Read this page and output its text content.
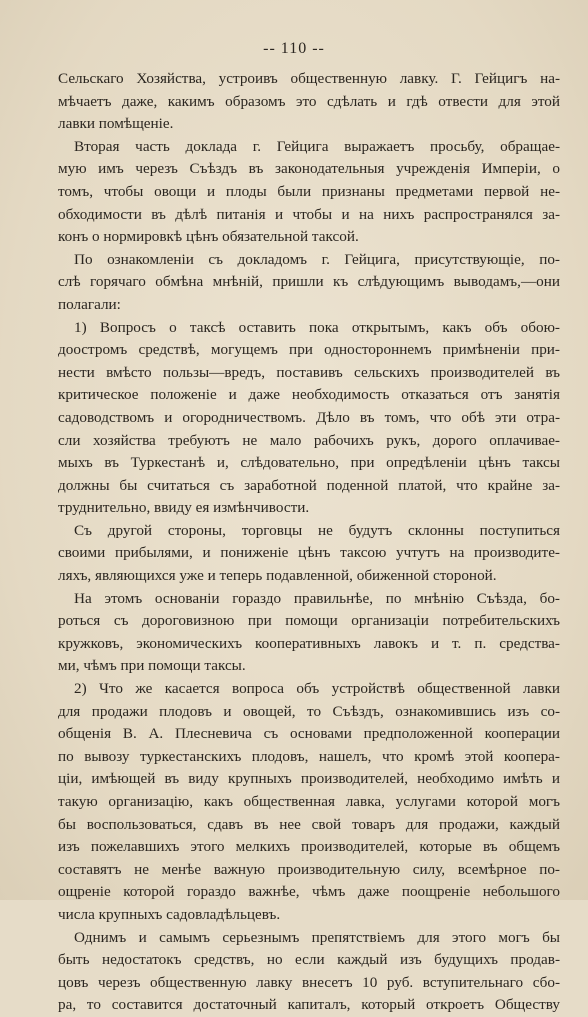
-- 110 --
Сельскаго Хозяйства, устроивъ общественную лавку. Г. Гейцигъ на-
мѣчаетъ даже, какимъ образомъ это сдѣлать и гдѣ отвести для этой
лавки помѣщеніе.
Вторая часть доклада г. Гейцига выражаетъ просьбу, обращае-
мую имъ черезъ Съѣздъ въ законодательныя учрежденія Имперіи, о
томъ, чтобы овощи и плоды были признаны предметами первой не-
обходимости въ дѣлѣ питанія и чтобы и на нихъ распространялся за-
конъ о нормировкѣ цѣнъ обязательной таксой.
По ознакомленіи съ докладомъ г. Гейцига, присутствующіе, по-
слѣ горячаго обмѣна мнѣній, пришли къ слѣдующимъ выводамъ,—они
полагали:
1) Вопросъ о таксѣ оставить пока открытымъ, какъ объ обою-
доостромъ средствѣ, могущемъ при одностороннемъ примѣненіи при-
нести вмѣсто пользы—вредъ, поставивъ сельскихъ производителей въ
критическое положеніе и даже необходимость отказаться отъ занятія
садоводствомъ и огородничествомъ. Дѣло въ томъ, что обѣ эти отра-
сли хозяйства требуютъ не мало рабочихъ рукъ, дорого оплачивае-
мыхъ въ Туркестанѣ и, слѣдовательно, при опредѣленіи цѣнъ таксы
должны бы считаться съ заработной поденной платой, что крайне за-
труднительно, ввиду ея измѣнчивости.
Съ другой стороны, торговцы не будутъ склонны поступиться
своими прибылями, и пониженіе цѣнъ таксою учтутъ на производите-
ляхъ, являющихся уже и теперь подавленной, обиженной стороной.
На этомъ основаніи гораздо правильнѣе, по мнѣнію Съѣзда, бо-
роться съ дороговизною при помощи организаціи потребительскихъ
кружковъ, экономическихъ кооперативныхъ лавокъ и т. п. средства-
ми, чѣмъ при помощи таксы.
2) Что же касается вопроса объ устройствѣ общественной лавки
для продажи плодовъ и овощей, то Съѣздъ, ознакомившись изъ со-
общенія В. А. Плесневича съ основами предположенной кооперации
по вывозу туркестанскихъ плодовъ, нашелъ, что кромѣ этой коопера-
ціи, имѣющей въ виду крупныхъ производителей, необходимо имѣть и
такую организацію, какъ общественная лавка, услугами которой могъ
бы воспользоваться, сдавъ въ нее свой товаръ для продажи, каждый
изъ пожелавшихъ этого мелкихъ производителей, которые въ общемъ
составятъ не менѣе важную производительную силу, всемѣрное по-
ощреніе которой гораздо важнѣе, чѣмъ даже поощреніе небольшого
числа крупныхъ садовладѣльцевъ.
Однимъ и самымъ серьезнымъ препятствіемъ для этого могъ бы
быть недостатокъ средствъ, но если каждый изъ будущихъ продав-
цовъ черезъ общественную лавку внесетъ 10 руб. вступительнаго сбо-
ра, то составится достаточный капиталъ, который откроетъ Обществу
